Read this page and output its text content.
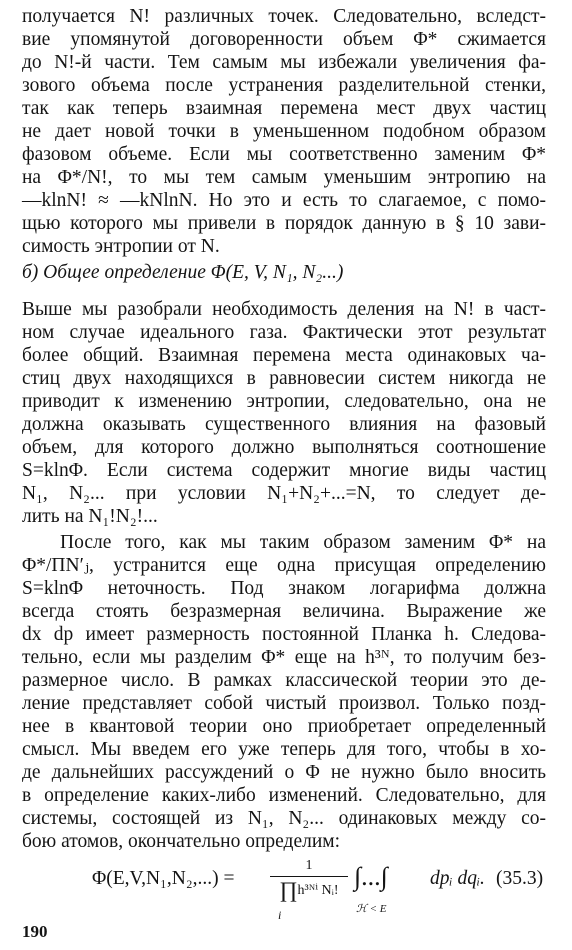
получается N! различных точек. Следовательно, вследст-
вие упомянутой договоренности объем Φ* сжимается
до N!-й части. Тем самым мы избежали увеличения фа-
зового объема после устранения разделительной стенки,
так как теперь взаимная перемена мест двух частиц
не дает новой точки в уменьшенном подобном образом
фазовом объеме. Если мы соответственно заменим Φ*
на Φ*/N!, то мы тем самым уменьшим энтропию на
—klnN! ≈ —kNlnN. Но это и есть то слагаемое, с помо-
щью которого мы привели в порядок данную в § 10 зави-
симость энтропии от N.
б) Общее определение Φ(E, V, N₁, N₂...)
Выше мы разобрали необходимость деления на N! в част-
ном случае идеального газа. Фактически этот результат
более общий. Взаимная перемена места одинаковых ча-
стиц двух находящихся в равновесии систем никогда не
приводит к изменению энтропии, следовательно, она не
должна оказывать существенного влияния на фазовый
объем, для которого должно выполняться соотношение
S=klnΦ. Если система содержит многие виды частиц
N₁, N₂... при условии N₁+N₂+...=N, то следует де-
лить на N₁!N₂!...
После того, как мы таким образом заменим Φ* на
Φ*/ΠN′ⱼ, устранится еще одна присущая определению
S=klnΦ неточность. Под знаком логарифма должна
всегда стоять безразмерная величина. Выражение же
dx dp имеет размерность постоянной Планка h. Следова-
тельно, если мы разделим Φ* еще на h³ᴺ, то получим без-
размерное число. В рамках классической теории это де-
ление представляет собой чистый произвол. Только позд-
нее в квантовой теории оно приобретает определенный
смысл. Мы введем его уже теперь для того, чтобы в хо-
де дальнейших рассуждений о Φ не нужно было вносить
в определение каких-либо изменений. Следовательно, для
системы, состоящей из N₁, N₂... одинаковых между со-
бою атомов, окончательно определим:
Φ(E,V,N₁,N₂,...) =
1
∏h³ᴺⁱ Nᵢ!
i
∫...∫
ℋ < E
dpᵢ dqᵢ. (35.3)
190
